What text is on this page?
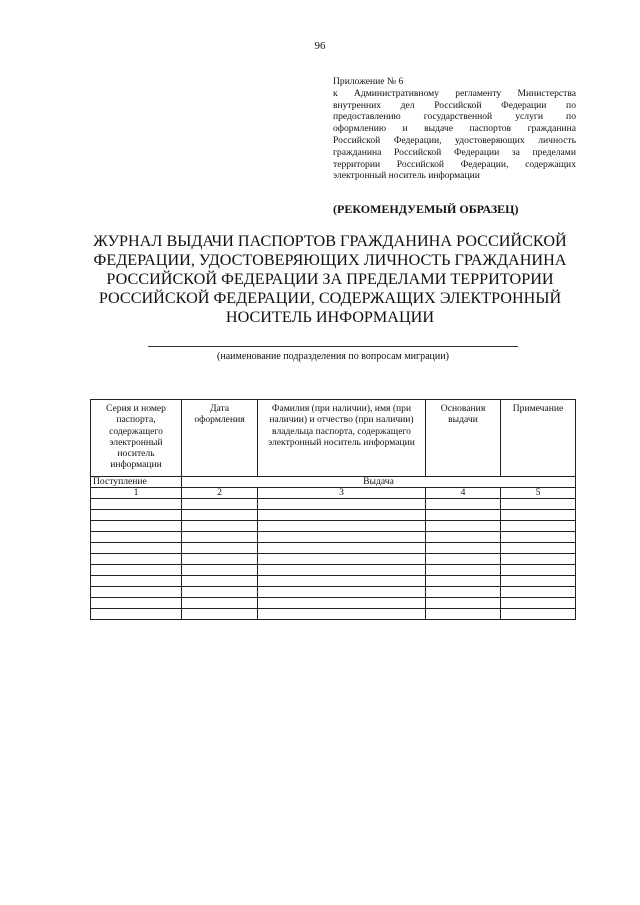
96
Приложение № 6
к Административному регламенту Министерства
внутренних дел Российской Федерации по
предоставлению государственной услуги по
оформлению и выдаче паспортов гражданина
Российской Федерации, удостоверяющих личность
гражданина Российской Федерации за пределами
территории Российской Федерации, содержащих
электронный носитель информации
(РЕКОМЕНДУЕМЫЙ ОБРАЗЕЦ)
ЖУРНАЛ ВЫДАЧИ ПАСПОРТОВ ГРАЖДАНИНА РОССИЙСКОЙ
ФЕДЕРАЦИИ, УДОСТОВЕРЯЮЩИХ ЛИЧНОСТЬ ГРАЖДАНИНА
РОССИЙСКОЙ ФЕДЕРАЦИИ ЗА ПРЕДЕЛАМИ ТЕРРИТОРИИ
РОССИЙСКОЙ ФЕДЕРАЦИИ, СОДЕРЖАЩИХ ЭЛЕКТРОННЫЙ
НОСИТЕЛЬ ИНФОРМАЦИИ
(наименование подразделения по вопросам миграции)
Серия и номер паспорта, содержащего электронный носитель информации	Дата оформления	Фамилия (при наличии), имя (при наличии) и отчество (при наличии) владельца паспорта, содержащего электронный носитель информации	Основания выдачи	Примечание
Поступление	Выдача			
1	2	3	4	5
